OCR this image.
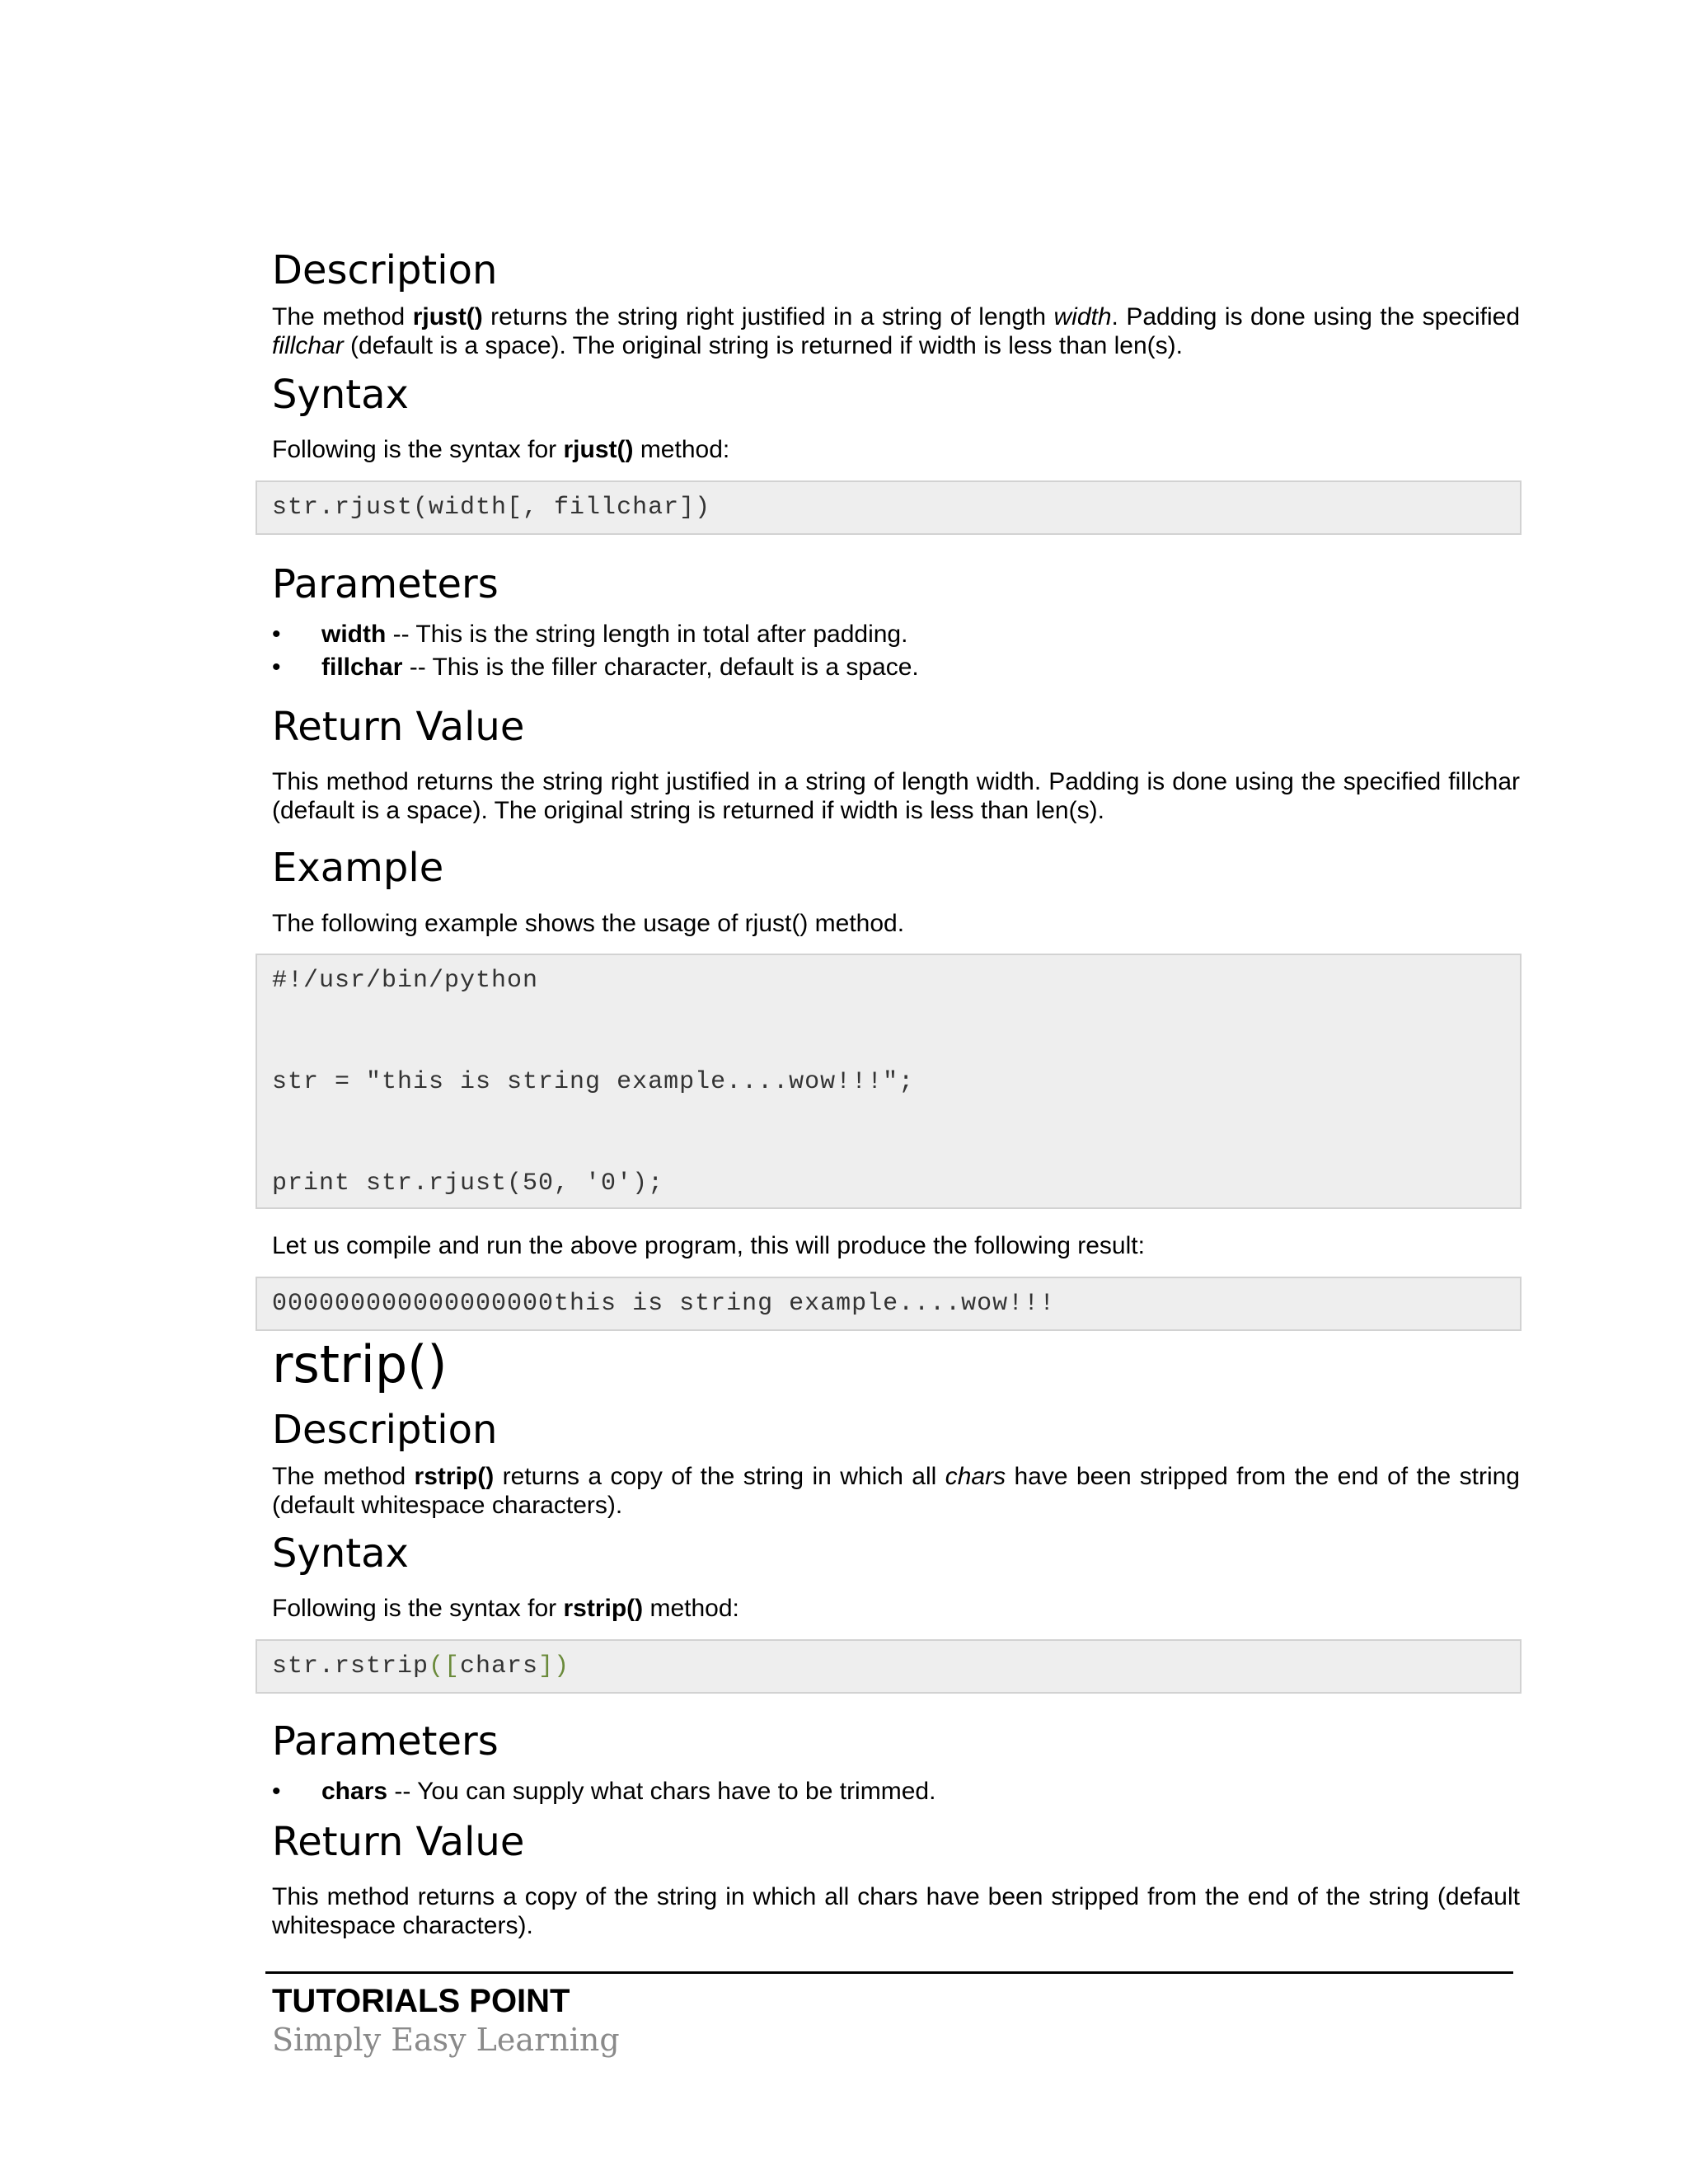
Description

The method rjust() returns the string right justified in a string of length width. Padding is done using the specified fillchar (default is a space). The original string is returned if width is less than len(s).

Syntax

Following is the syntax for rjust() method:

str.rjust(width[, fillchar])
Parameters
• width -- This is the string length in total after padding.
• fillchar -- This is the filler character, default is a space.
Return Value

This method returns the string right justified in a string of length width. Padding is done using the specified fillchar (default is a space). The original string is returned if width is less than len(s).

Example

The following example shows the usage of rjust() method.

#!/usr/bin/python
str = "this is string example....wow!!!";
print str.rjust(50, '0');

Let us compile and run the above program, this will produce the following result:

000000000000000000this is string example....wow!!!
rstrip()
Description

The method rstrip() returns a copy of the string in which all chars have been stripped from the end of the string (default whitespace characters).

Syntax

Following is the syntax for rstrip() method:

str.rstrip([chars])
Parameters
• chars -- You can supply what chars have to be trimmed.
Return Value

This method returns a copy of the string in which all chars have been stripped from the end of the string (default whitespace characters).

TUTORIALS POINT
Simply Easy Learning
